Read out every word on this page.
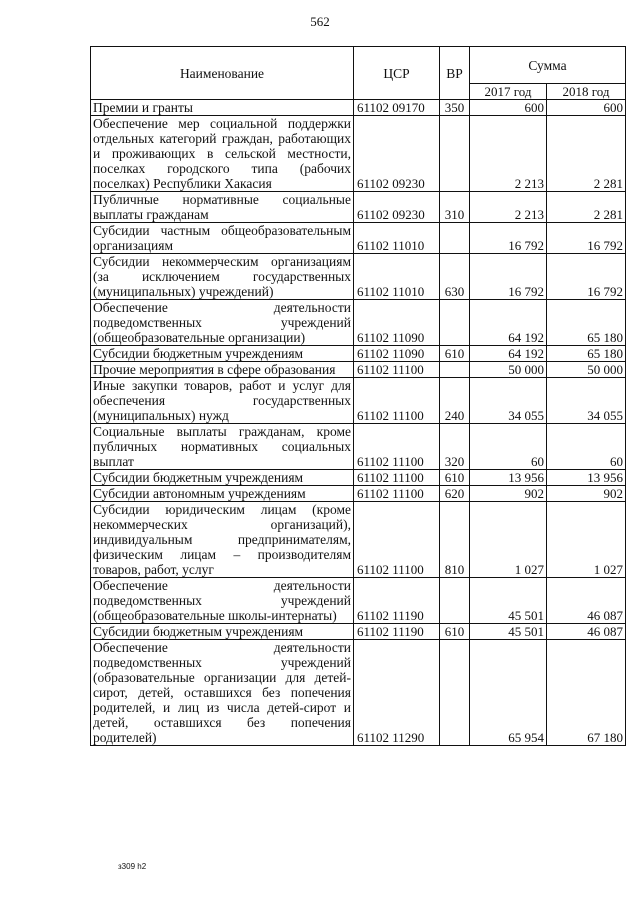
562
Наименование	ЦСР	ВР	Сумма	
			2017 год	2018 год
Премии и гранты	61102 09170	350	600	600
Обеспечение мер социальной поддержки отдельных категорий граждан, работающих и проживающих в сельской местности, поселках городского типа (рабочих поселках) Республики Хакасия	61102 09230		2 213	2 281
Публичные нормативные социальные выплаты гражданам	61102 09230	310	2 213	2 281
Субсидии частным общеобразовательным организациям	61102 11010		16 792	16 792
Субсидии некоммерческим организациям (за исключением государственных (муниципальных) учреждений)	61102 11010	630	16 792	16 792
Обеспечение деятельности подведомственных учреждений (общеобразовательные организации)	61102 11090		64 192	65 180
Субсидии бюджетным учреждениям	61102 11090	610	64 192	65 180
Прочие мероприятия в сфере образования	61102 11100		50 000	50 000
Иные закупки товаров, работ и услуг для обеспечения государственных (муниципальных) нужд	61102 11100	240	34 055	34 055
Социальные выплаты гражданам, кроме публичных нормативных социальных выплат	61102 11100	320	60	60
Субсидии бюджетным учреждениям	61102 11100	610	13 956	13 956
Субсидии автономным учреждениям	61102 11100	620	902	902
Субсидии юридическим лицам (кроме некоммерческих организаций), индивидуальным предпринимателям, физическим лицам – производителям товаров, работ, услуг	61102 11100	810	1 027	1 027
Обеспечение деятельности подведомственных учреждений (общеобразовательные школы-интернаты)	61102 11190		45 501	46 087
Субсидии бюджетным учреждениям	61102 11190	610	45 501	46 087
Обеспечение деятельности подведомственных учреждений (образовательные организации для детей-сирот, детей, оставшихся без попечения родителей, и лиц из числа детей-сирот и детей, оставшихся без попечения родителей)	61102 11290		65 954	67 180
з309 h2
